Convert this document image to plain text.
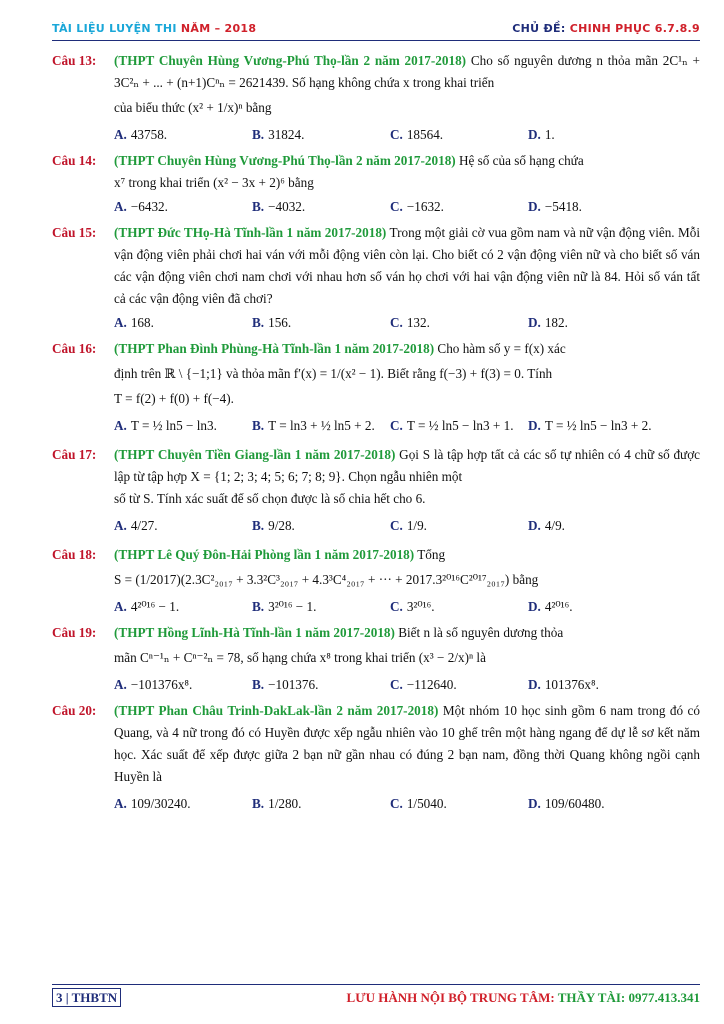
TÀI LIỆU LUYỆN THI NĂM – 2018	CHỦ ĐỀ: CHINH PHỤC 6.7.8.9
Câu 13: (THPT Chuyên Hùng Vương-Phú Thọ-lần 2 năm 2017-2018) Cho số nguyên dương n thỏa mãn 2C¹ₙ + 3C²ₙ + ... + (n+1)Cⁿₙ = 2621439. Số hạng không chứa x trong khai triển
của biểu thức (x² + 1/x)ⁿ bằng
A. 43758.	B. 31824.	C. 18564.	D. 1.
Câu 14: (THPT Chuyên Hùng Vương-Phú Thọ-lần 2 năm 2017-2018) Hệ số của số hạng chứa
x⁷ trong khai triển (x² − 3x + 2)⁶ bằng
A. −6432.	B. −4032.	C. −1632.	D. −5418.
Câu 15: (THPT Đức THọ-Hà Tĩnh-lần 1 năm 2017-2018) Trong một giải cờ vua gồm nam và nữ vận động viên. Mỗi vận động viên phải chơi hai ván với mỗi động viên còn lại. Cho biết có 2 vận động viên nữ và cho biết số ván các vận động viên chơi nam chơi với nhau hơn số ván họ chơi với hai vận động viên nữ là 84. Hỏi số ván tất cả các vận động viên đã chơi?
A. 168.	B. 156.	C. 132.	D. 182.
Câu 16: (THPT Phan Đình Phùng-Hà Tĩnh-lần 1 năm 2017-2018) Cho hàm số y = f(x) xác
định trên ℝ \ {−1;1} và thỏa mãn f′(x) = 1/(x² − 1). Biết rằng f(−3) + f(3) = 0. Tính
T = f(2) + f(0) + f(−4).
A. T = ½ ln5 − ln3.	B. T = ln3 + ½ ln5 + 2.	C. T = ½ ln5 − ln3 + 1.	D. T = ½ ln5 − ln3 + 2.
Câu 17: (THPT Chuyên Tiền Giang-lần 1 năm 2017-2018) Gọi S là tập hợp tất cả các số tự nhiên có 4 chữ số được lập từ tập hợp X = {1; 2; 3; 4; 5; 6; 7; 8; 9}. Chọn ngẫu nhiên một
số từ S. Tính xác suất để số chọn được là số chia hết cho 6.
A. 4/27.	B. 9/28.	C. 1/9.	D. 4/9.
Câu 18: (THPT Lê Quý Đôn-Hải Phòng lần 1 năm 2017-2018) Tổng
S = (1/2017)(2.3C²₂₀₁₇ + 3.3²C³₂₀₁₇ + 4.3³C⁴₂₀₁₇ + ··· + 2017.3²⁰¹⁶C²⁰¹⁷₂₀₁₇) bằng
A. 4²⁰¹⁶ − 1.	B. 3²⁰¹⁶ − 1.	C. 3²⁰¹⁶.	D. 4²⁰¹⁶.
Câu 19: (THPT Hồng Lĩnh-Hà Tĩnh-lần 1 năm 2017-2018) Biết n là số nguyên dương thỏa
mãn Cⁿ⁻¹ₙ + Cⁿ⁻²ₙ = 78, số hạng chứa x⁸ trong khai triển (x³ − 2/x)ⁿ là
A. −101376x⁸.	B. −101376.	C. −112640.	D. 101376x⁸.
Câu 20: (THPT Phan Châu Trinh-DakLak-lần 2 năm 2017-2018) Một nhóm 10 học sinh gồm 6 nam trong đó có Quang, và 4 nữ trong đó có Huyền được xếp ngẫu nhiên vào 10 ghế trên một hàng ngang để dự lễ sơ kết năm học. Xác suất để xếp được giữa 2 bạn nữ gần nhau có đúng 2 bạn nam, đồng thời Quang không ngồi cạnh Huyền là
A. 109/30240.	B. 1/280.	C. 1/5040.	D. 109/60480.
3 | THBTN	LƯU HÀNH NỘI BỘ TRUNG TÂM: THẦY TÀI: 0977.413.341
